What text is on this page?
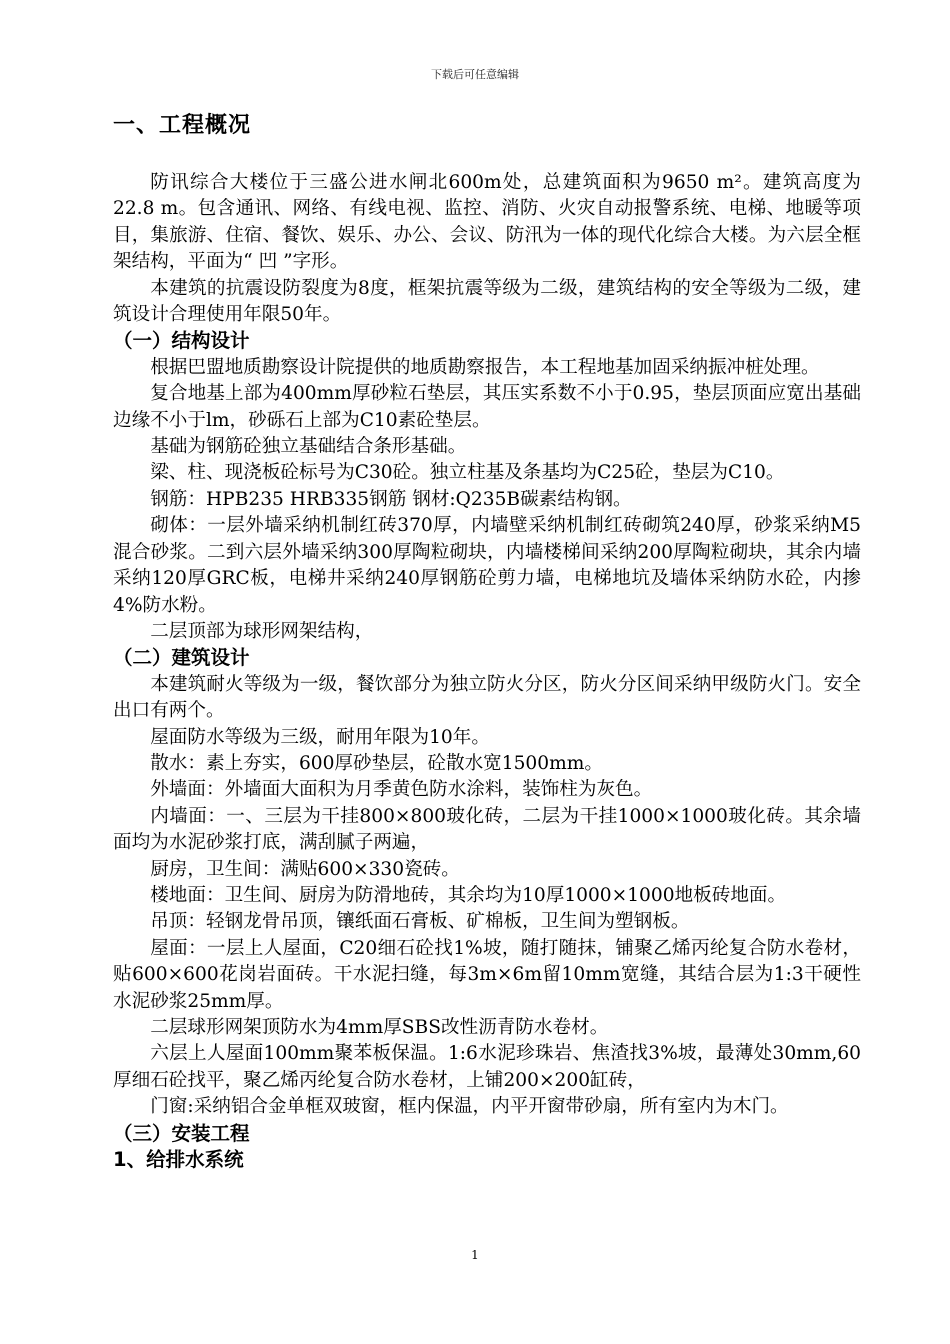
下载后可任意编辑
一、工程概况

防讯综合大楼位于三盛公进水闸北600m处，总建筑面积为9650 m²。建筑高度为22.8 m。包含通讯、网络、有线电视、监控、消防、火灾自动报警系统、电梯、地暖等项目，集旅游、住宿、餐饮、娱乐、办公、会议、防汛为一体的现代化综合大楼。为六层全框架结构，平面为“ 凹 ”字形。

本建筑的抗震设防裂度为8度，框架抗震等级为二级，建筑结构的安全等级为二级，建筑设计合理使用年限50年。

（一）结构设计

根据巴盟地质勘察设计院提供的地质勘察报告，本工程地基加固采纳振冲桩处理。

复合地基上部为400mm厚砂粒石垫层，其压实系数不小于0.95，垫层顶面应宽出基础边缘不小于lm，砂砾石上部为C10素砼垫层。

基础为钢筋砼独立基础结合条形基础。

梁、柱、现浇板砼标号为C30砼。独立柱基及条基均为C25砼，垫层为C10。

钢筋：HPB235 HRB335钢筋 钢材:Q235B碳素结构钢。

砌体：一层外墙采纳机制红砖370厚，内墙壁采纳机制红砖砌筑240厚，砂浆采纳M5混合砂浆。二到六层外墙采纳300厚陶粒砌块，内墙楼梯间采纳200厚陶粒砌块，其余内墙采纳120厚GRC板，电梯井采纳240厚钢筋砼剪力墙，电梯地坑及墙体采纳防水砼，内掺4%防水粉。

二层顶部为球形网架结构，

（二）建筑设计

本建筑耐火等级为一级，餐饮部分为独立防火分区，防火分区间采纳甲级防火门。安全出口有两个。

屋面防水等级为三级，耐用年限为10年。

散水：素上夯实，600厚砂垫层，砼散水宽1500mm。

外墙面：外墙面大面积为月季黄色防水涂料，装饰柱为灰色。

内墙面：一、三层为干挂800×800玻化砖，二层为干挂1000×1000玻化砖。其余墙面均为水泥砂浆打底，满刮腻子两遍，

厨房，卫生间：满贴600×330瓷砖。

楼地面：卫生间、厨房为防滑地砖，其余均为10厚1000×1000地板砖地面。

吊顶：轻钢龙骨吊顶，镶纸面石膏板、矿棉板，卫生间为塑钢板。

屋面：一层上人屋面，C20细石砼找1%坡，随打随抹，铺聚乙烯丙纶复合防水卷材，贴600×600花岗岩面砖。干水泥扫缝，每3m×6m留10mm宽缝，其结合层为1:3干硬性水泥砂浆25mm厚。

二层球形网架顶防水为4mm厚SBS改性沥青防水卷材。

六层上人屋面100mm聚苯板保温。1:6水泥珍珠岩、焦渣找3%坡，最薄处30mm,60厚细石砼找平，聚乙烯丙纶复合防水卷材，上铺200×200缸砖，

门窗:采纳铝合金单框双玻窗，框内保温，内平开窗带砂扇，所有室内为木门。

（三）安装工程

1、给排水系统

1
